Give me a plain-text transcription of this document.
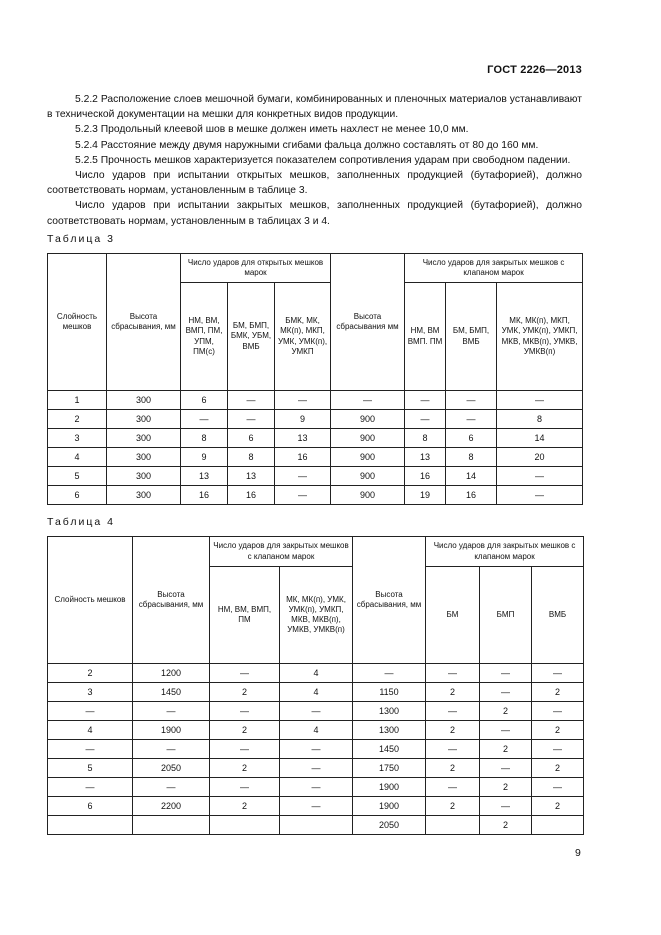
ГОСТ 2226—2013

5.2.2 Расположение слоев мешочной бумаги, комбинированных и пленочных материалов устанавливают в технической документации на мешки для конкретных видов продукции.

5.2.3 Продольный клеевой шов в мешке должен иметь нахлест не менее 10,0 мм.

5.2.4 Расстояние между двумя наружными сгибами фальца должно составлять от 80 до 160 мм.

5.2.5 Прочность мешков характеризуется показателем сопротивления ударам при свободном падении.

Число ударов при испытании открытых мешков, заполненных продукцией (бутафорией), должно соответствовать нормам, установленным в таблице 3.

Число ударов при испытании закрытых мешков, заполненных продукцией (бутафорией), должно соответствовать нормам, установленным в таблицах 3 и 4.

Таблица 3
Слойность мешков	Высота сбрасывания, мм	Число ударов для открытых мешков марок			Высота сбрасывания мм	Число ударов для закрытых мешков с клапаном марок		
		НМ, ВМ, ВМП, ПМ, УПМ, ПМ(с)	БМ, БМП, БМК, УБМ, ВМБ	БМК, МК, МК(п), МКП, УМК, УМК(п), УМКП		НМ, ВМ ВМП. ПМ	БМ, БМП, ВМБ	МК, МК(п), МКП, УМК, УМК(п), УМКП, МКВ, МКВ(п), УМКВ, УМКВ(п)
1	300	6	—	—	—	—	—	—
2	300	—	—	9	900	—	—	8
3	300	8	6	13	900	8	6	14
4	300	9	8	16	900	13	8	20
5	300	13	13	—	900	16	14	—
6	300	16	16	—	900	19	16	—
Таблица 4
Слойность мешков	Высота сбрасывания, мм	Число ударов для закрытых мешков с клапаном марок		Высота сбрасывания, мм	Число ударов для закрытых мешков с клапаном марок		
		НМ, ВМ, ВМП, ПМ	МК, МК(п), УМК, УМК(п), УМКП, МКВ, МКВ(п), УМКВ, УМКВ(п)		БМ	БМП	ВМБ
2	1200	—	4	—	—	—	—
3	1450	2	4	1150	2	—	2
—	—	—	—	1300	—	2	—
4	1900	2	4	1300	2	—	2
—	—	—	—	1450	—	2	—
5	2050	2	—	1750	2	—	2
—	—	—	—	1900	—	2	—
6	2200	2	—	1900	2	—	2
				2050		2	
9
